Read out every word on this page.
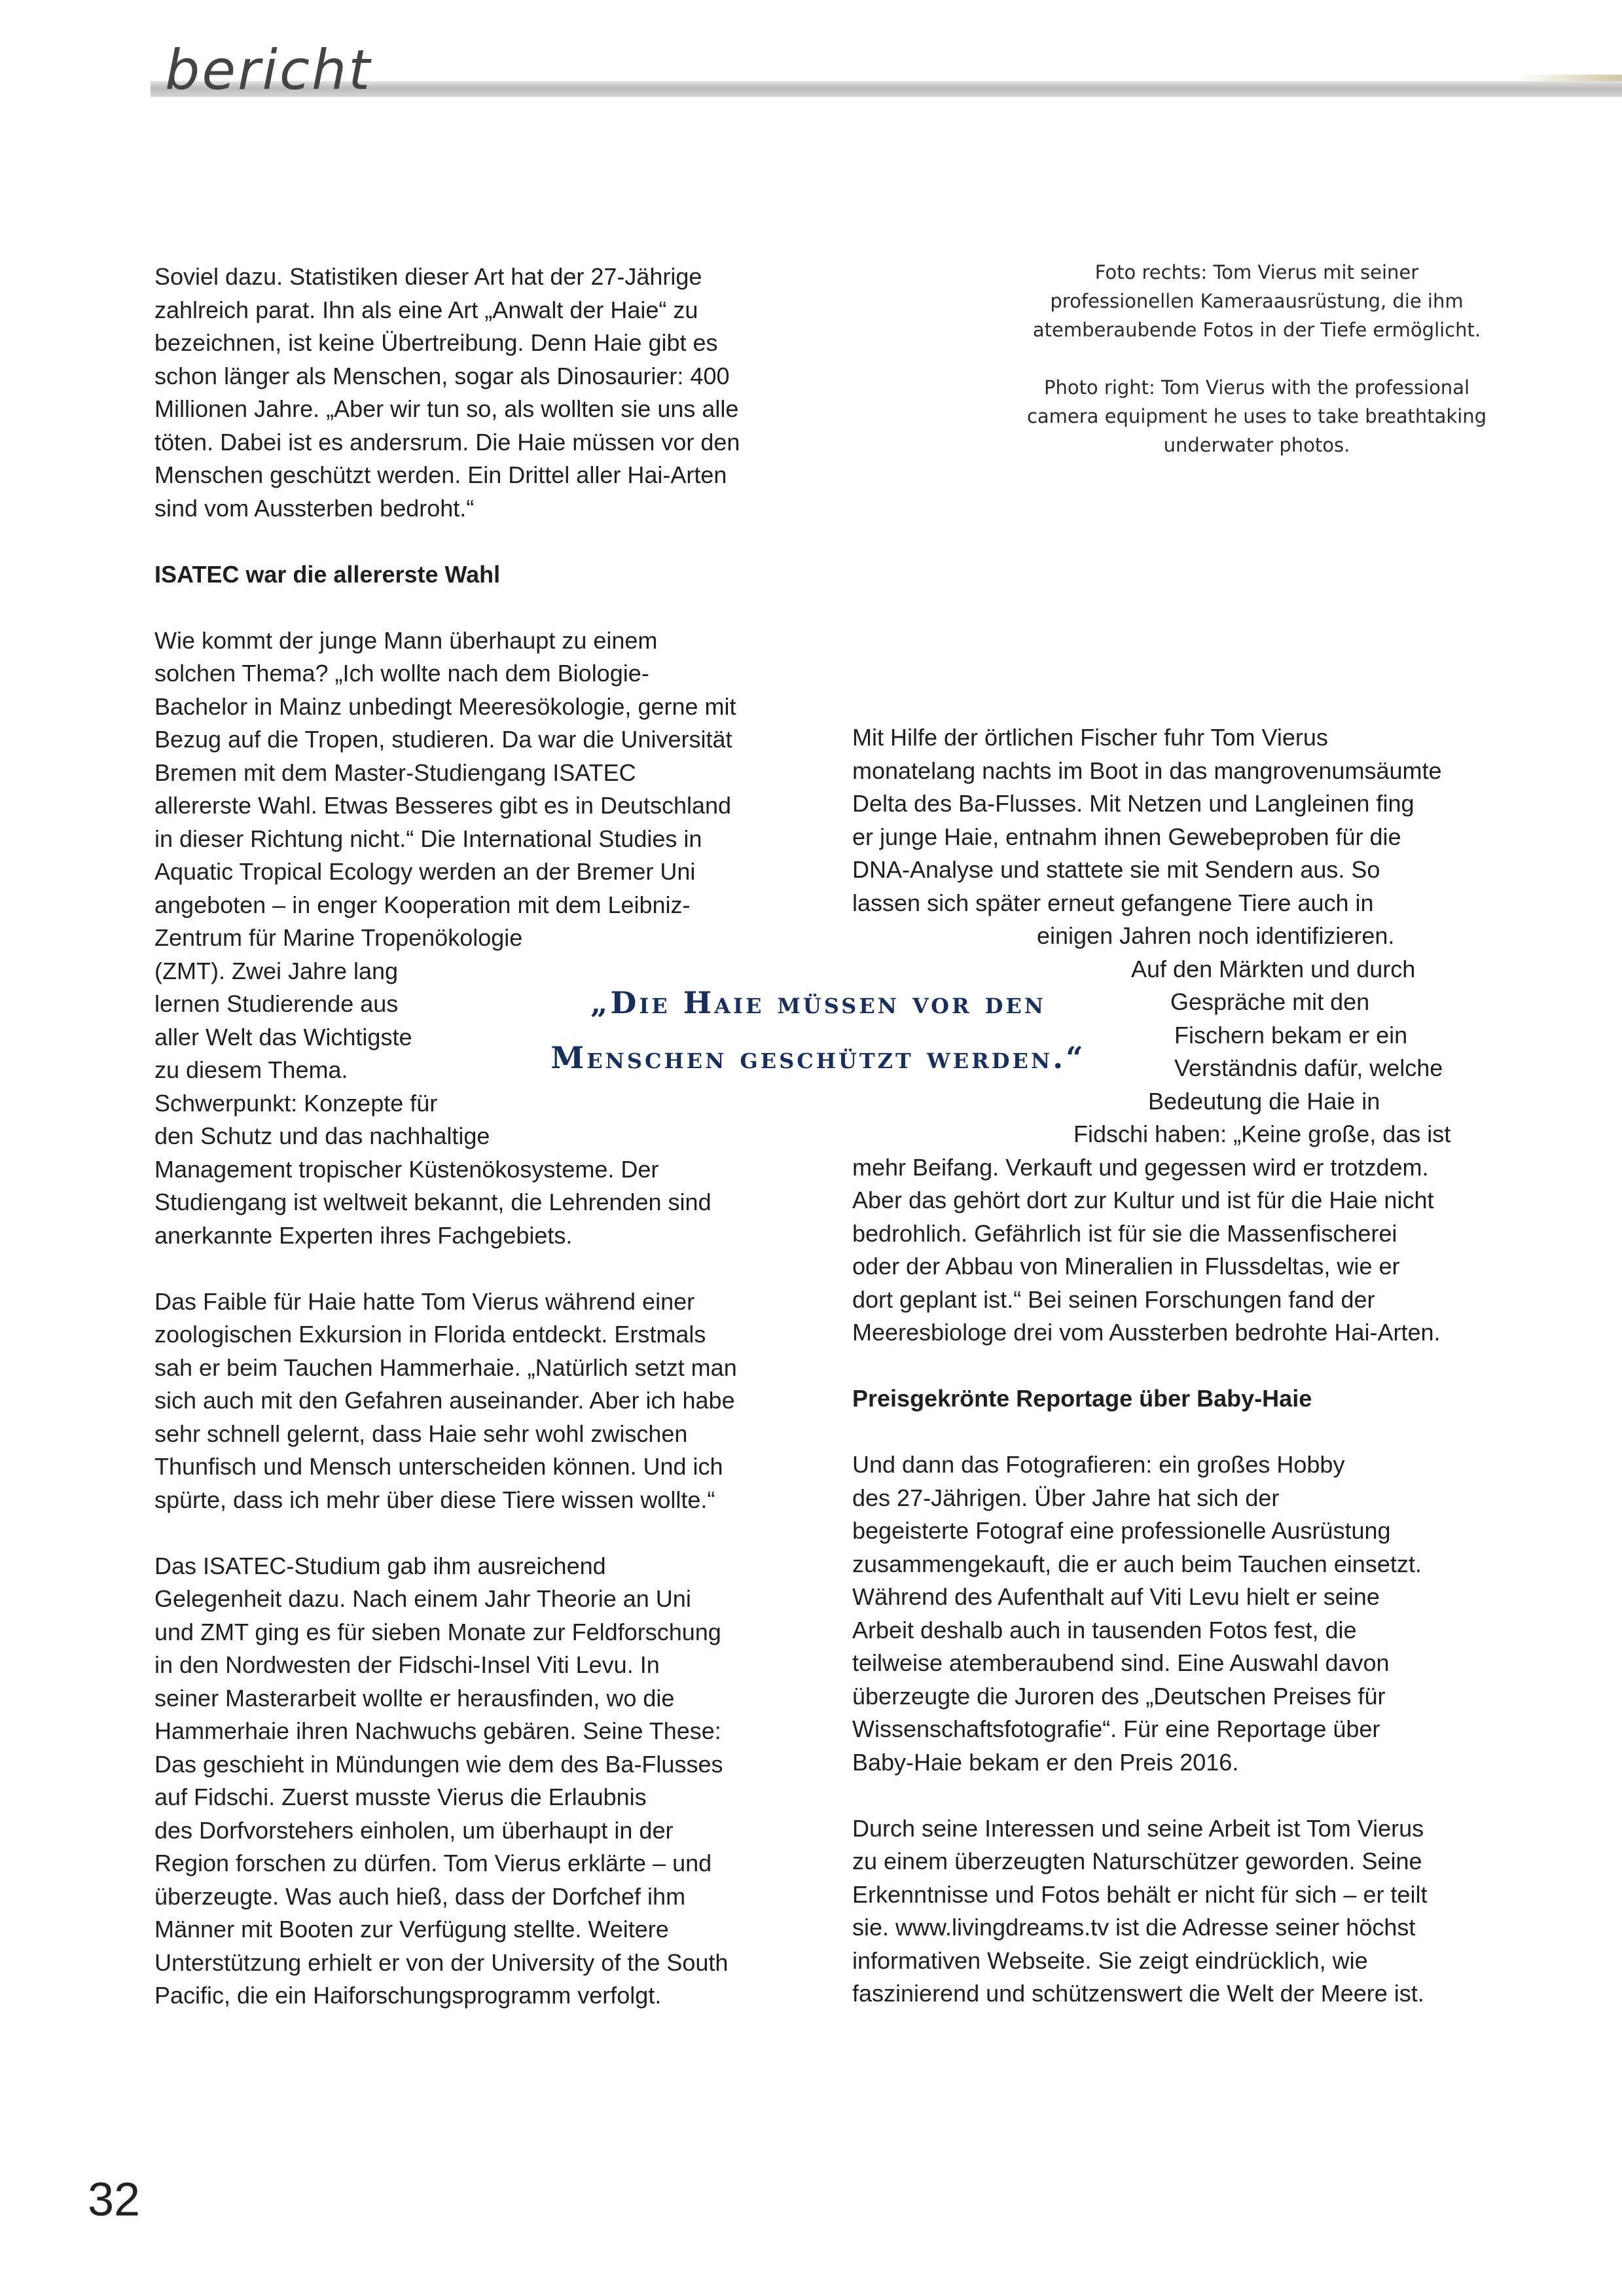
bericht

Foto rechts: Tom Vierus mit seiner

professionellen Kameraausrüstung, die ihm

atemberaubende Fotos in der Tiefe ermöglicht.

Photo right: Tom Vierus with the professional

camera equipment he uses to take breathtaking

underwater photos.

Soviel dazu. Statistiken dieser Art hat der 27-Jährige

zahlreich parat. Ihn als eine Art „Anwalt der Haie“ zu

bezeichnen, ist keine Übertreibung. Denn Haie gibt es

schon länger als Menschen, sogar als Dinosaurier: 400

Millionen Jahre. „Aber wir tun so, als wollten sie uns alle

töten. Dabei ist es andersrum. Die Haie müssen vor den

Menschen geschützt werden. Ein Drittel aller Hai-Arten

sind vom Aussterben bedroht.“

ISATEC war die allererste Wahl

Wie kommt der junge Mann überhaupt zu einem

solchen Thema? „Ich wollte nach dem Biologie-

Bachelor in Mainz unbedingt Meeresökologie, gerne mit

Bezug auf die Tropen, studieren. Da war die Universität

Bremen mit dem Master-Studiengang ISATEC

allererste Wahl. Etwas Besseres gibt es in Deutschland

in dieser Richtung nicht.“ Die International Studies in

Aquatic Tropical Ecology werden an der Bremer Uni

angeboten – in enger Kooperation mit dem Leibniz-

Zentrum für Marine Tropenökologie

(ZMT). Zwei Jahre lang

lernen Studierende aus

aller Welt das Wichtigste

zu diesem Thema.

Schwerpunkt: Konzepte für

den Schutz und das nachhaltige

Management tropischer Küstenökosysteme. Der

Studiengang ist weltweit bekannt, die Lehrenden sind

anerkannte Experten ihres Fachgebiets.

Das Faible für Haie hatte Tom Vierus während einer

zoologischen Exkursion in Florida entdeckt. Erstmals

sah er beim Tauchen Hammerhaie. „Natürlich setzt man

sich auch mit den Gefahren auseinander. Aber ich habe

sehr schnell gelernt, dass Haie sehr wohl zwischen

Thunfisch und Mensch unterscheiden können. Und ich

spürte, dass ich mehr über diese Tiere wissen wollte.“

Das ISATEC-Studium gab ihm ausreichend

Gelegenheit dazu. Nach einem Jahr Theorie an Uni

und ZMT ging es für sieben Monate zur Feldforschung

in den Nordwesten der Fidschi-Insel Viti Levu. In

seiner Masterarbeit wollte er herausfinden, wo die

Hammerhaie ihren Nachwuchs gebären. Seine These:

Das geschieht in Mündungen wie dem des Ba-Flusses

auf Fidschi. Zuerst musste Vierus die Erlaubnis

des Dorfvorstehers einholen, um überhaupt in der

Region forschen zu dürfen. Tom Vierus erklärte – und

überzeugte. Was auch hieß, dass der Dorfchef ihm

Männer mit Booten zur Verfügung stellte. Weitere

Unterstützung erhielt er von der University of the South

Pacific, die ein Haiforschungsprogramm verfolgt.

„Die Haie müssen vor den
Menschen geschützt werden.“

Mit Hilfe der örtlichen Fischer fuhr Tom Vierus

monatelang nachts im Boot in das mangrovenumsäumte

Delta des Ba-Flusses. Mit Netzen und Langleinen fing

er junge Haie, entnahm ihnen Gewebeproben für die

DNA-Analyse und stattete sie mit Sendern aus. So

lassen sich später erneut gefangene Tiere auch in

einigen Jahren noch identifizieren.

Auf den Märkten und durch

Gespräche mit den

Fischern bekam er ein

Verständnis dafür, welche

Bedeutung die Haie in

Fidschi haben: „Keine große, das ist

mehr Beifang. Verkauft und gegessen wird er trotzdem.

Aber das gehört dort zur Kultur und ist für die Haie nicht

bedrohlich. Gefährlich ist für sie die Massenfischerei

oder der Abbau von Mineralien in Flussdeltas, wie er

dort geplant ist.“ Bei seinen Forschungen fand der

Meeresbiologe drei vom Aussterben bedrohte Hai-Arten.

Preisgekrönte Reportage über Baby-Haie

Und dann das Fotografieren: ein großes Hobby

des 27-Jährigen. Über Jahre hat sich der

begeisterte Fotograf eine professionelle Ausrüstung

zusammengekauft, die er auch beim Tauchen einsetzt.

Während des Aufenthalt auf Viti Levu hielt er seine

Arbeit deshalb auch in tausenden Fotos fest, die

teilweise atemberaubend sind. Eine Auswahl davon

überzeugte die Juroren des „Deutschen Preises für

Wissenschaftsfotografie“. Für eine Reportage über

Baby-Haie bekam er den Preis 2016.

Durch seine Interessen und seine Arbeit ist Tom Vierus

zu einem überzeugten Naturschützer geworden. Seine

Erkenntnisse und Fotos behält er nicht für sich – er teilt

sie. www.livingdreams.tv ist die Adresse seiner höchst

informativen Webseite. Sie zeigt eindrücklich, wie

faszinierend und schützenswert die Welt der Meere ist.

32
